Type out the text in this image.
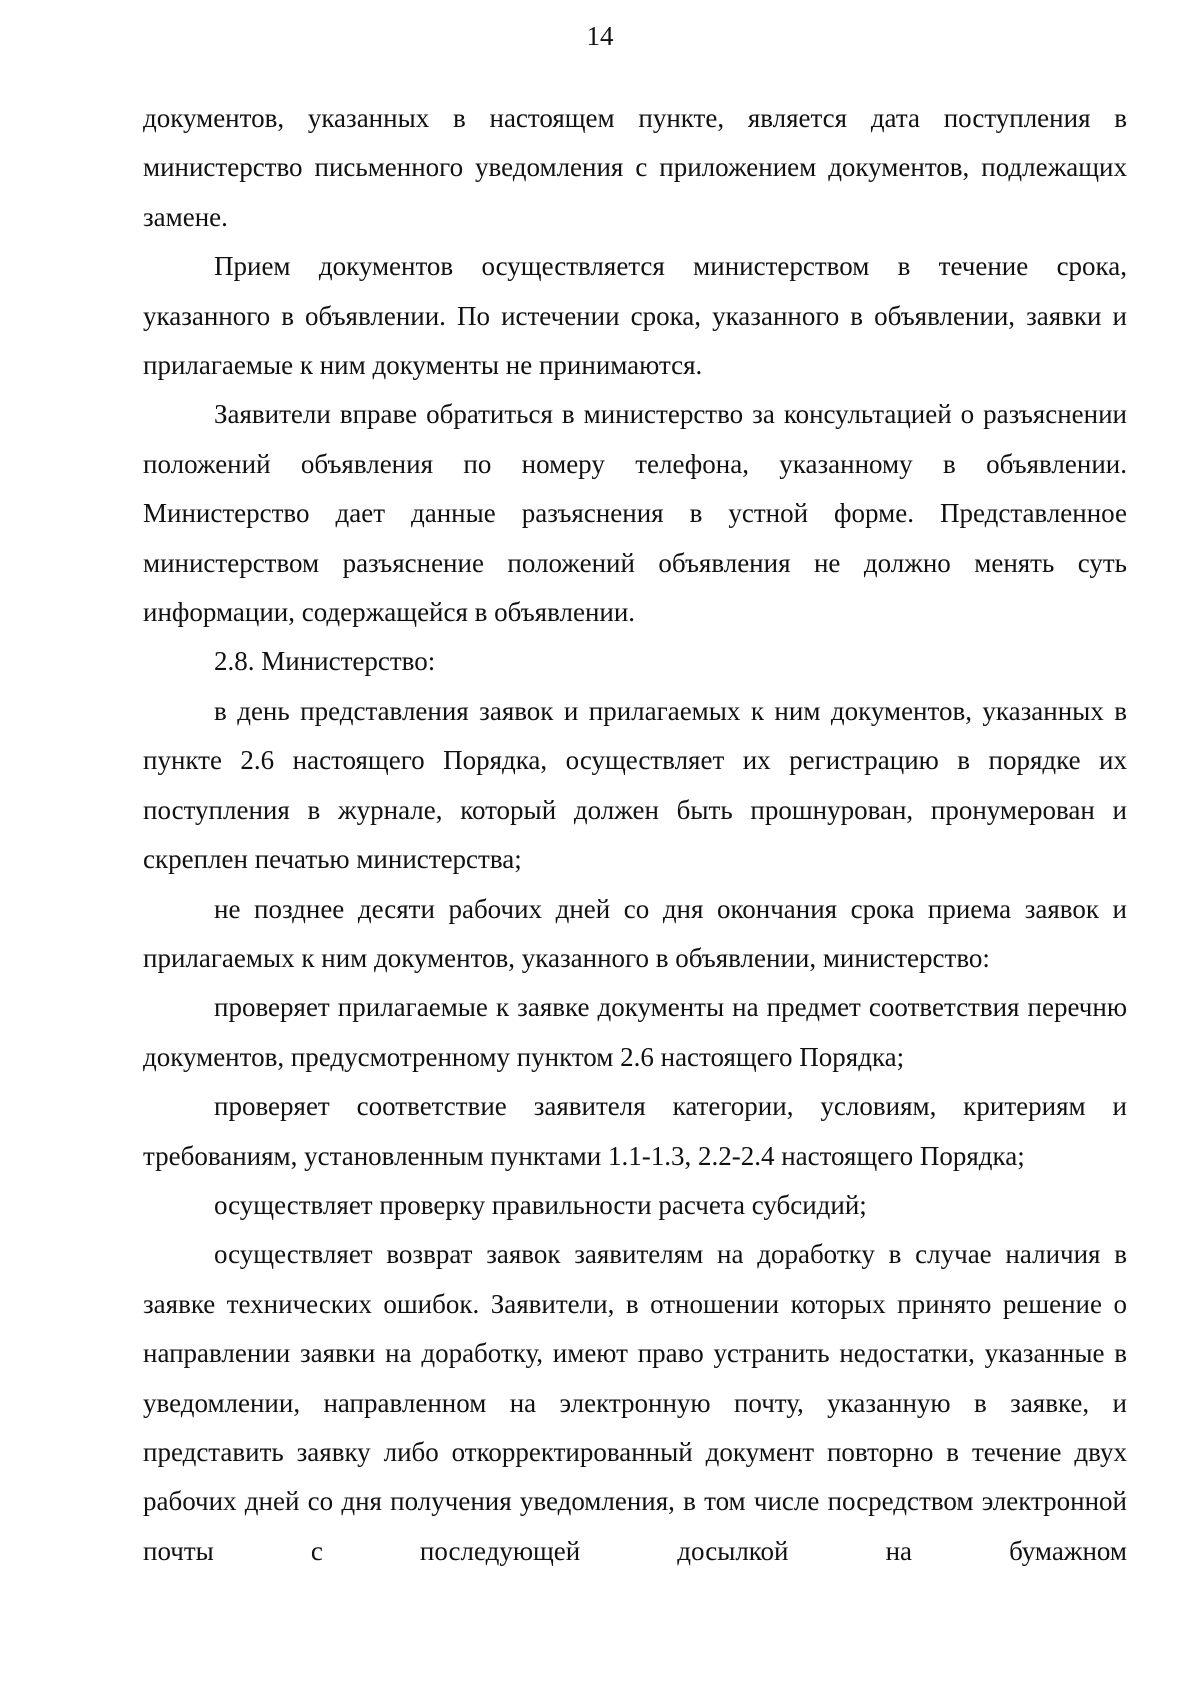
14

документов, указанных в настоящем пункте, является дата поступления в министерство письменного уведомления с приложением документов, подлежащих замене.

Прием документов осуществляется министерством в течение срока, указанного в объявлении. По истечении срока, указанного в объявлении, заявки и прилагаемые к ним документы не принимаются.

Заявители вправе обратиться в министерство за консультацией о разъяснении положений объявления по номеру телефона, указанному в объявлении. Министерство дает данные разъяснения в устной форме. Представленное министерством разъяснение положений объявления не должно менять суть информации, содержащейся в объявлении.

2.8. Министерство:

в день представления заявок и прилагаемых к ним документов, указанных в пункте 2.6 настоящего Порядка, осуществляет их регистрацию в порядке их поступления в журнале, который должен быть прошнурован, пронумерован и скреплен печатью министерства;

не позднее десяти рабочих дней со дня окончания срока приема заявок и прилагаемых к ним документов, указанного в объявлении, министерство:

проверяет прилагаемые к заявке документы на предмет соответствия перечню документов, предусмотренному пунктом 2.6 настоящего Порядка;

проверяет соответствие заявителя категории, условиям, критериям и требованиям, установленным пунктами 1.1-1.3, 2.2-2.4 настоящего Порядка;

осуществляет проверку правильности расчета субсидий;

осуществляет возврат заявок заявителям на доработку в случае наличия в заявке технических ошибок. Заявители, в отношении которых принято решение о направлении заявки на доработку, имеют право устранить недостатки, указанные в уведомлении, направленном на электронную почту, указанную в заявке, и представить заявку либо откорректированный документ повторно в течение двух рабочих дней со дня получения уведомления, в том числе посредством электронной почты с последующей досылкой на бумажном
